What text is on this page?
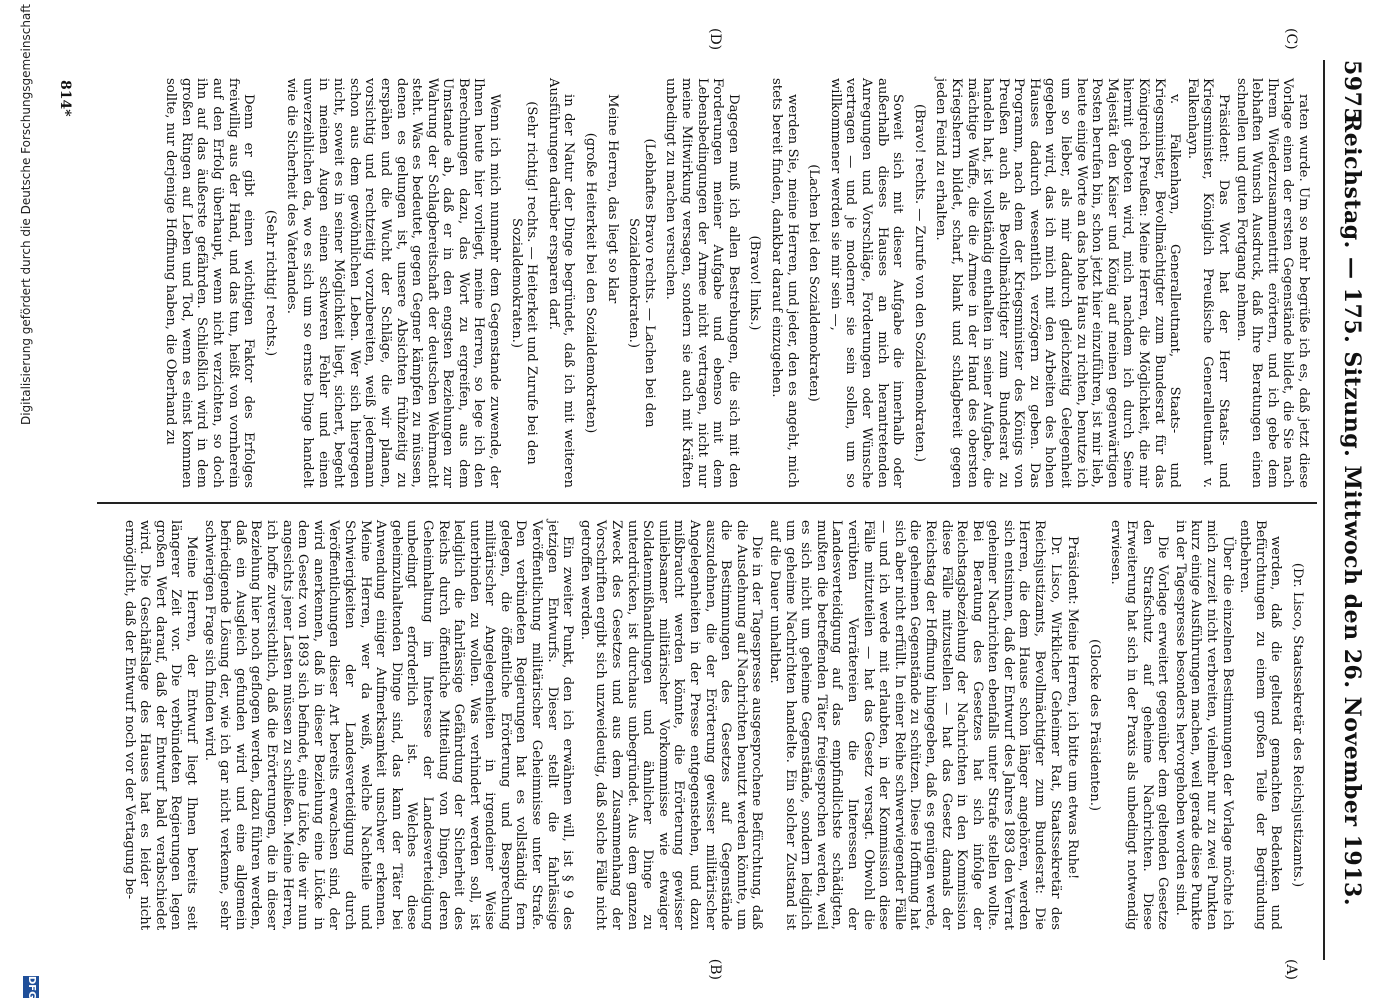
5975
Reichstag. — 175. Sitzung. Mittwoch den 26. November 1913.
(C)
(D)
(A)
(B)

raten wurde. Um so mehr begrüße ich es, daß jetzt diese Vorlage einen der ersten Gegenstände bildet, die Sie nach Ihrem Wiederzusammentritt erörtern, und ich gebe dem lebhaften Wunsch Ausdruck, daß Ihre Beratungen einen schnellen und guten Fortgang nehmen.

Präsident: Das Wort hat der Herr Staats- und Kriegsminister, Königlich Preußische Generalleutnant v. Falkenhayn.

v. Falkenhayn, Generalleutnant, Staats- und Kriegsminister, Bevollmächtigter zum Bundesrat für das Königreich Preußen: Meine Herren, die Möglichkeit, die mir hiermit geboten wird, mich nachdem ich durch Seine Majestät den Kaiser und König auf meinen gegenwärtigen Posten berufen bin, schon jetzt hier einzuführen, ist mir lieb, heute einige Worte an das hohe Haus zu richten, benutze ich um so lieber, als mir dadurch gleichzeitig Gelegenheit gegeben wird, das ich mich mit den Arbeiten des hohen Hauses dadurch wesentlich verzögern zu geben. Das Programm, nach dem der Kriegsminister des Königs von Preußen auch als Bevollmächtigter zum Bundesrat zu handeln hat, ist vollständig enthalten in seiner Aufgabe, die mächtige Waffe, die die Armee in der Hand des obersten Kriegsherrn bildet, scharf, blank und schlagbereit gegen jeden Feind zu erhalten.

(Bravo! rechts. — Zurufe von den Sozialdemokraten.)

Soweit sich mit dieser Aufgabe die innerhalb oder außerhalb dieses Hauses an mich herantretenden Anregungen und Vorschläge, Forderungen oder Wünsche vertragen — und je moderner sie sein sollen, um so willkommener werden sie mir sein —,

(Lachen bei den Sozialdemokraten)

werden Sie, meine Herren, und jeder, den es angeht, mich stets bereit finden, dankbar darauf einzugehen.

(Bravo! links.)

Dagegen muß ich allen Bestrebungen, die sich mit den Forderungen meiner Aufgabe und ebenso mit dem Lebensbedingungen der Armee nicht vertragen, nicht nur meine Mitwirkung versagen, sondern sie auch mit Kräften unbedingt zu machen versuchen.

(Lebhaftes Bravo rechts. — Lachen bei den Sozialdemokraten.)

Meine Herren, das liegt so klar

(große Heiterkeit bei den Sozialdemokraten)

in der Natur der Dinge begründet, daß ich mit weiteren Ausführungen darüber ersparen darf.

(Sehr richtig! rechts. — Heiterkeit und Zurufe bei den Sozialdemokraten.)

Wenn ich mich nunmehr dem Gegenstande zuwende, der Ihnen heute hier vorliegt, meine Herren, so lege ich den Berechnungen dazu, das Wort zu ergreifen, aus dem Umstande ab, daß er in den engsten Beziehungen zur Wahrung der Schlagbereitschaft der deutschen Wehrmacht steht. Was es bedeutet, gegen Gegner kämpfen zu müssen, denen es gelungen ist, unsere Absichten frühzeitig zu erspähen und die Wucht der Schläge, die wir planen, vorsichtig und rechtzeitig vorzubereiten, weiß jedermann schon aus dem gewöhnlichen Leben. Wer sich hiergegen nicht, soweit es in seiner Möglichkeit liegt, sichert, begeht in meinen Augen einen schweren Fehler und einen unverzeihlichen da, wo es sich um so ernste Dinge handelt wie die Sicherheit des Vaterlandes.

(Sehr richtig! rechts.)

Denn er gibt einen wichtigen Faktor des Erfolges freiwillig aus der Hand, und das tun, heißt von vornherein auf den Erfolg überhaupt, wenn nicht verzichten, so doch ihn auf das äußerste gefährden. Schließlich wird in dem großen Ringen auf Leben und Tod, wenn es einst kommen sollte, nur derjenige Hoffnung haben, die Oberhand zu

(Dr. Lisco, Staatssekretär des Reichsjustizamts.)

werden, daß die geltend gemachten Bedenken und Befürchtungen zu einem großen Teile der Begründung entbehren.

Über die einzelnen Bestimmungen der Vorlage möchte ich mich zurzeit nicht verbreiten, vielmehr nur zu zwei Punkten kurz einige Ausführungen machen, weil gerade diese Punkte in der Tagespresse besonders hervorgehoben worden sind.

Die Vorlage erweitert gegenüber dem geltenden Gesetze den Strafschutz auf geheime Nachrichten. Diese Erweiterung hat sich in der Praxis als unbedingt notwendig erwiesen.

(Glocke des Präsidenten.)

Präsident: Meine Herren, ich bitte um etwas Ruhe!

Dr. Lisco, Wirklicher Geheimer Rat, Staatssekretär des Reichsjustizamts, Bevollmächtigter zum Bundesrat: Die Herren, die dem Hause schon länger angehören, werden sich entsinnen, daß der Entwurf des Jahres 1893 den Verrat geheimer Nachrichten ebenfalls unter Strafe stellen wollte. Bei Beratung des Gesetzes hat sich infolge der Reichstagsbeziehung der Nachrichten in den Kommission diese Fälle mitzustellen — hat das Gesetz damals der Reichstag der Hoffnung hingegeben, daß es genügen werde, die geheimen Gegenstände zu schützen. Diese Hoffnung hat sich aber nicht erfüllt. In einer Reihe schwerwiegender Fälle — und ich werde mit erlaubten, in der Kommission diese Fälle mitzuteilen — hat das Gesetz versagt. Obwohl die verübten Verrätereien die Interessen der Landesverteidigung auf das empfindlichste schädigten, mußten die betreffenden Täter freigesprochen werden, weil es sich nicht um geheime Gegenstände, sondern lediglich um geheime Nachrichten handelte. Ein solcher Zustand ist auf die Dauer unhaltbar.

Die in der Tagespresse ausgesprochene Befürchtung, daß die Ausdehnung auf Nachrichten benutzt werden könnte, um die Bestimmungen des Gesetzes auf Gegenstände auszudehnen, die der Erörterung gewisser militärischer Angelegenheiten in der Presse entgegenstehen, und dazu mißbraucht werden könnte, die Erörterung gewisser unliebsamer militärischer Vorkommnisse wie etwaiger Soldatenmißhandlungen und ähnlicher Dinge zu unterdrücken, ist durchaus unbegründet. Aus dem ganzen Zweck des Gesetzes und aus dem Zusammenhang der Vorschriften ergibt sich unzweideutig, daß solche Fälle nicht getroffen werden.

Ein zweiter Punkt, den ich erwähnen will, ist § 9 des jetzigen Entwurfs. Dieser stellt die fahrlässige Veröffentlichung militärischer Geheimnisse unter Strafe. Den verbündeten Regierungen hat es vollständig fern gelegen, die öffentliche Erörterung und Besprechung militärischer Angelegenheiten in irgendeiner Weise unterbinden zu wollen. Was verhindert werden soll, ist lediglich die fahrlässige Gefährdung der Sicherheit des Reichs durch öffentliche Mitteilung von Dingen, deren Geheimhaltung im Interesse der Landesverteidigung unbedingt erforderlich ist. Welches diese geheimzuhaltenden Dinge sind, das kann der Täter bei Anwendung einiger Aufmerksamkeit unschwer erkennen. Meine Herren, wer da weiß, welche Nachteile und Schwierigkeiten der Landesverteidigung durch Veröffentlichungen dieser Art bereits erwachsen sind, der wird anerkennen, daß in dieser Beziehung eine Lücke in dem Gesetz von 1893 sich befindet, eine Lücke, die wir nun angesichts jener Lasten müssen zu schließen. Meine Herren, ich hoffe zuversichtlich, daß die Erörterungen, die in dieser Beziehung hier noch geflogen werden, dazu führen werden, daß ein Ausgleich gefunden wird und eine allgemein befriedigende Lösung der, wie ich gar nicht verkenne, sehr schwierigen Frage sich finden wird.

Meine Herren, der Entwurf liegt Ihnen bereits seit längerer Zeit vor. Die verbündeten Regierungen legen großen Wert darauf, daß der Entwurf bald verabschiedet wird. Die Geschäftslage des Hauses hat es leider nicht ermöglicht, daß der Entwurf noch vor der Vertagung be-

814*
Digitalisierung gefördert durch die Deutsche Forschungsgemeinschaft
DFG
